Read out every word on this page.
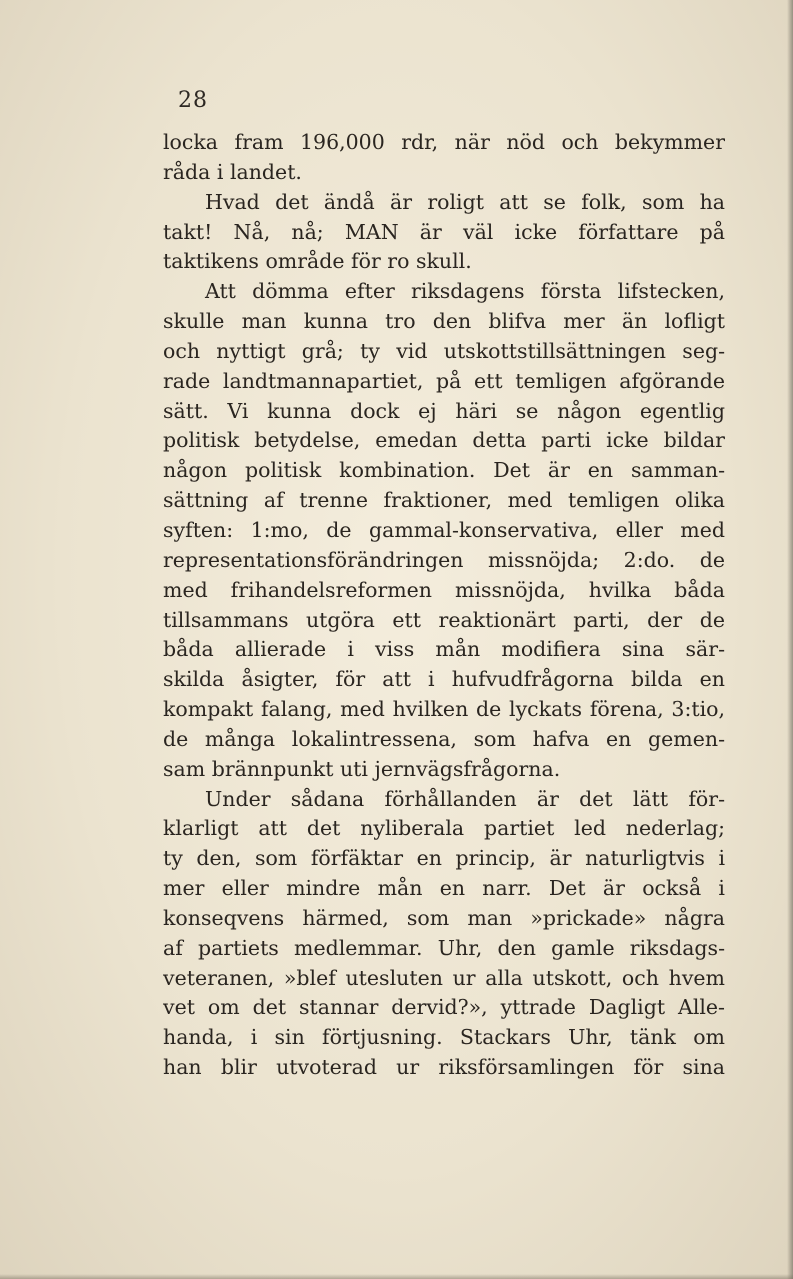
28
locka fram 196,000 rdr, när nöd och bekymmer
råda i landet.
Hvad det ändå är roligt att se folk, som ha
takt! Nå, nå; MAN är väl icke författare på
taktikens område för ro skull.
Att dömma efter riksdagens första lifstecken,
skulle man kunna tro den blifva mer än lofligt
och nyttigt grå; ty vid utskottstillsättningen seg-
rade landtmannapartiet, på ett temligen afgörande
sätt. Vi kunna dock ej häri se någon egentlig
politisk betydelse, emedan detta parti icke bildar
någon politisk kombination. Det är en samman-
sättning af trenne fraktioner, med temligen olika
syften: 1:mo, de gammal-konservativa, eller med
representationsförändringen missnöjda; 2:do. de
med frihandelsreformen missnöjda, hvilka båda
tillsammans utgöra ett reaktionärt parti, der de
båda allierade i viss mån modifiera sina sär-
skilda åsigter, för att i hufvudfrågorna bilda en
kompakt falang, med hvilken de lyckats förena, 3:tio,
de många lokalintressena, som hafva en gemen-
sam brännpunkt uti jernvägsfrågorna.
Under sådana förhållanden är det lätt för-
klarligt att det nyliberala partiet led nederlag;
ty den, som förfäktar en princip, är naturligtvis i
mer eller mindre mån en narr. Det är också i
konseqvens härmed, som man »prickade» några
af partiets medlemmar. Uhr, den gamle riksdags-
veteranen, »blef utesluten ur alla utskott, och hvem
vet om det stannar dervid?», yttrade Dagligt Alle-
handa, i sin förtjusning. Stackars Uhr, tänk om
han blir utvoterad ur riksförsamlingen för sina
